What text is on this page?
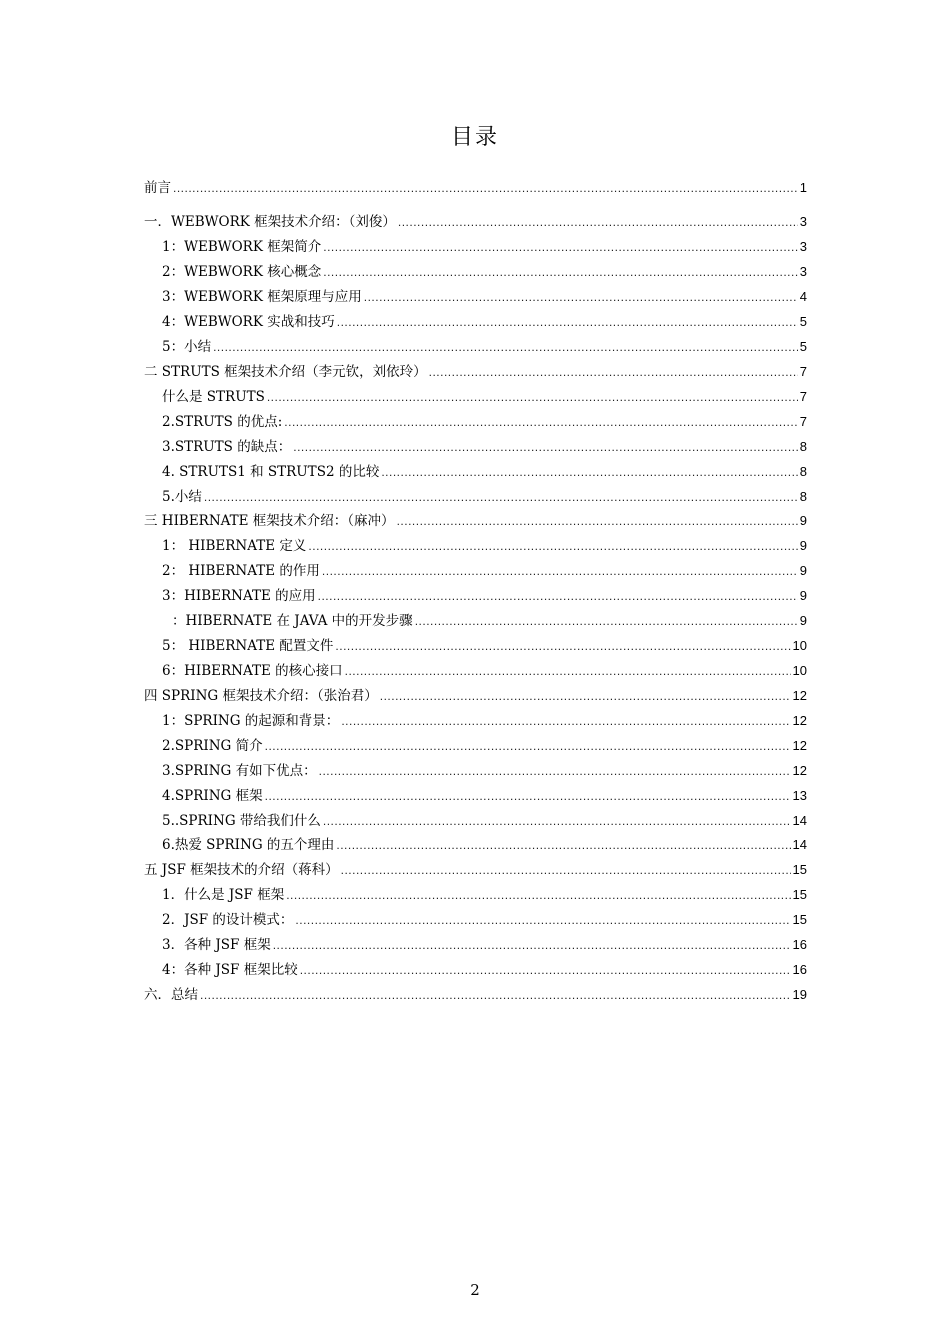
目录
前言 .....	1
一．WEBWORK 框架技术介绍：（刘俊） .....	3
1：WEBWORK 框架简介 .....	3
2：WEBWORK 核心概念 .....	3
3：WEBWORK 框架原理与应用 .....	4
4：WEBWORK 实战和技巧 .....	5
5：小结 .....	5
二 STRUTS 框架技术介绍（李元钦，刘依玲） .....	7
什么是 STRUTS .....	7
2.STRUTS 的优点: .....	7
3.STRUTS 的缺点： .....	8
4. STRUTS1 和 STRUTS2 的比较 .....	8
5.小结 .....	8
三 HIBERNATE 框架技术介绍：（麻冲） .....	9
1： HIBERNATE 定义 .....	9
2： HIBERNATE 的作用 .....	9
3：HIBERNATE 的应用 .....	9
：HIBERNATE 在 JAVA 中的开发步骤 .....	9
5： HIBERNATE 配置文件 .....	10
6：HIBERNATE 的核心接口 .....	10
四 SPRING 框架技术介绍：（张治君） .....	12
1：SPRING 的起源和背景： .....	12
2.SPRING 简介 .....	12
3.SPRING 有如下优点： .....	12
4.SPRING 框架 .....	13
5..SPRING 带给我们什么 .....	14
6.热爱 SPRING 的五个理由 .....	14
五 JSF 框架技术的介绍（蒋科） .....	15
1．什么是 JSF 框架 .....	15
2．JSF 的设计模式： .....	15
3．各种 JSF 框架 .....	16
4：各种 JSF 框架比较 .....	16
六．总结 .....	19
2
